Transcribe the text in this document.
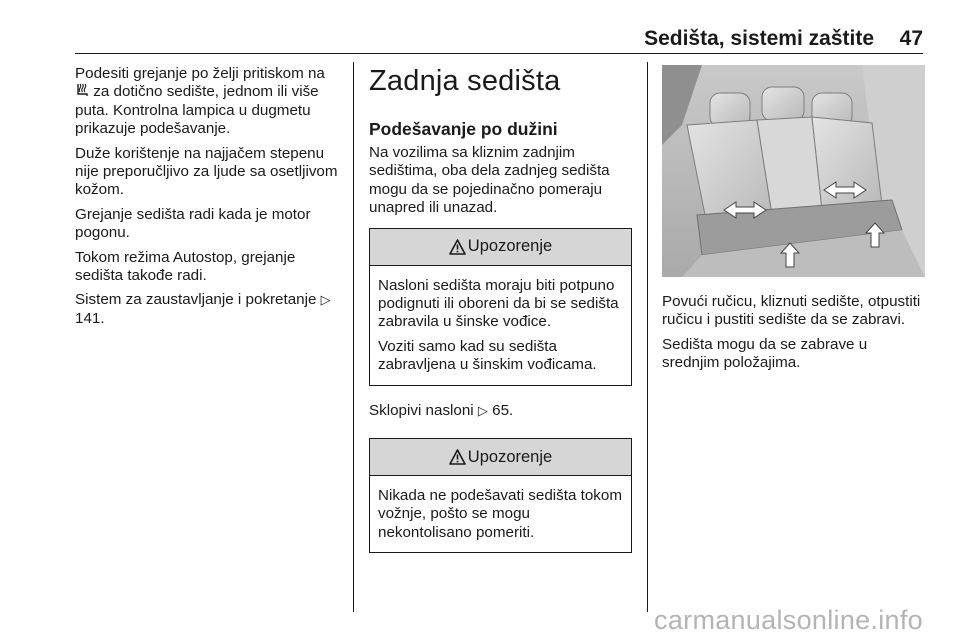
Sedišta, sistemi zaštite 47

Podesiti grejanje po želji pritiskom na  za dotično sedište, jednom ili više puta. Kontrolna lampica u dugmetu prikazuje podešavanje.

Duže korištenje na najjačem stepenu nije preporučljivo za ljude sa osetljivom kožom.

Grejanje sedišta radi kada je motor pogonu.

Tokom režima Autostop, grejanje sedišta takođe radi.

Sistem za zaustavljanje i pokretanje ▷ 141.

Zadnja sedišta
Podešavanje po dužini

Na vozilima sa kliznim zadnjim sedištima, oba dela zadnjeg sedišta mogu da se pojedinačno pomeraju unapred ili unazad.

Upozorenje

Nasloni sedišta moraju biti potpuno podignuti ili oboreni da bi se sedišta zabravila u šinske vođice.

Voziti samo kad su sedišta zabravljena u šinskim vođicama.

Sklopivi nasloni ▷ 65.

Upozorenje

Nikada ne podešavati sedišta tokom vožnje, pošto se mogu nekontolisano pomeriti.

Povući ručicu, kliznuti sedište, otpustiti ručicu i pustiti sedište da se zabravi.

Sedišta mogu da se zabrave u srednjim položajima.

carmanualsonline.info
